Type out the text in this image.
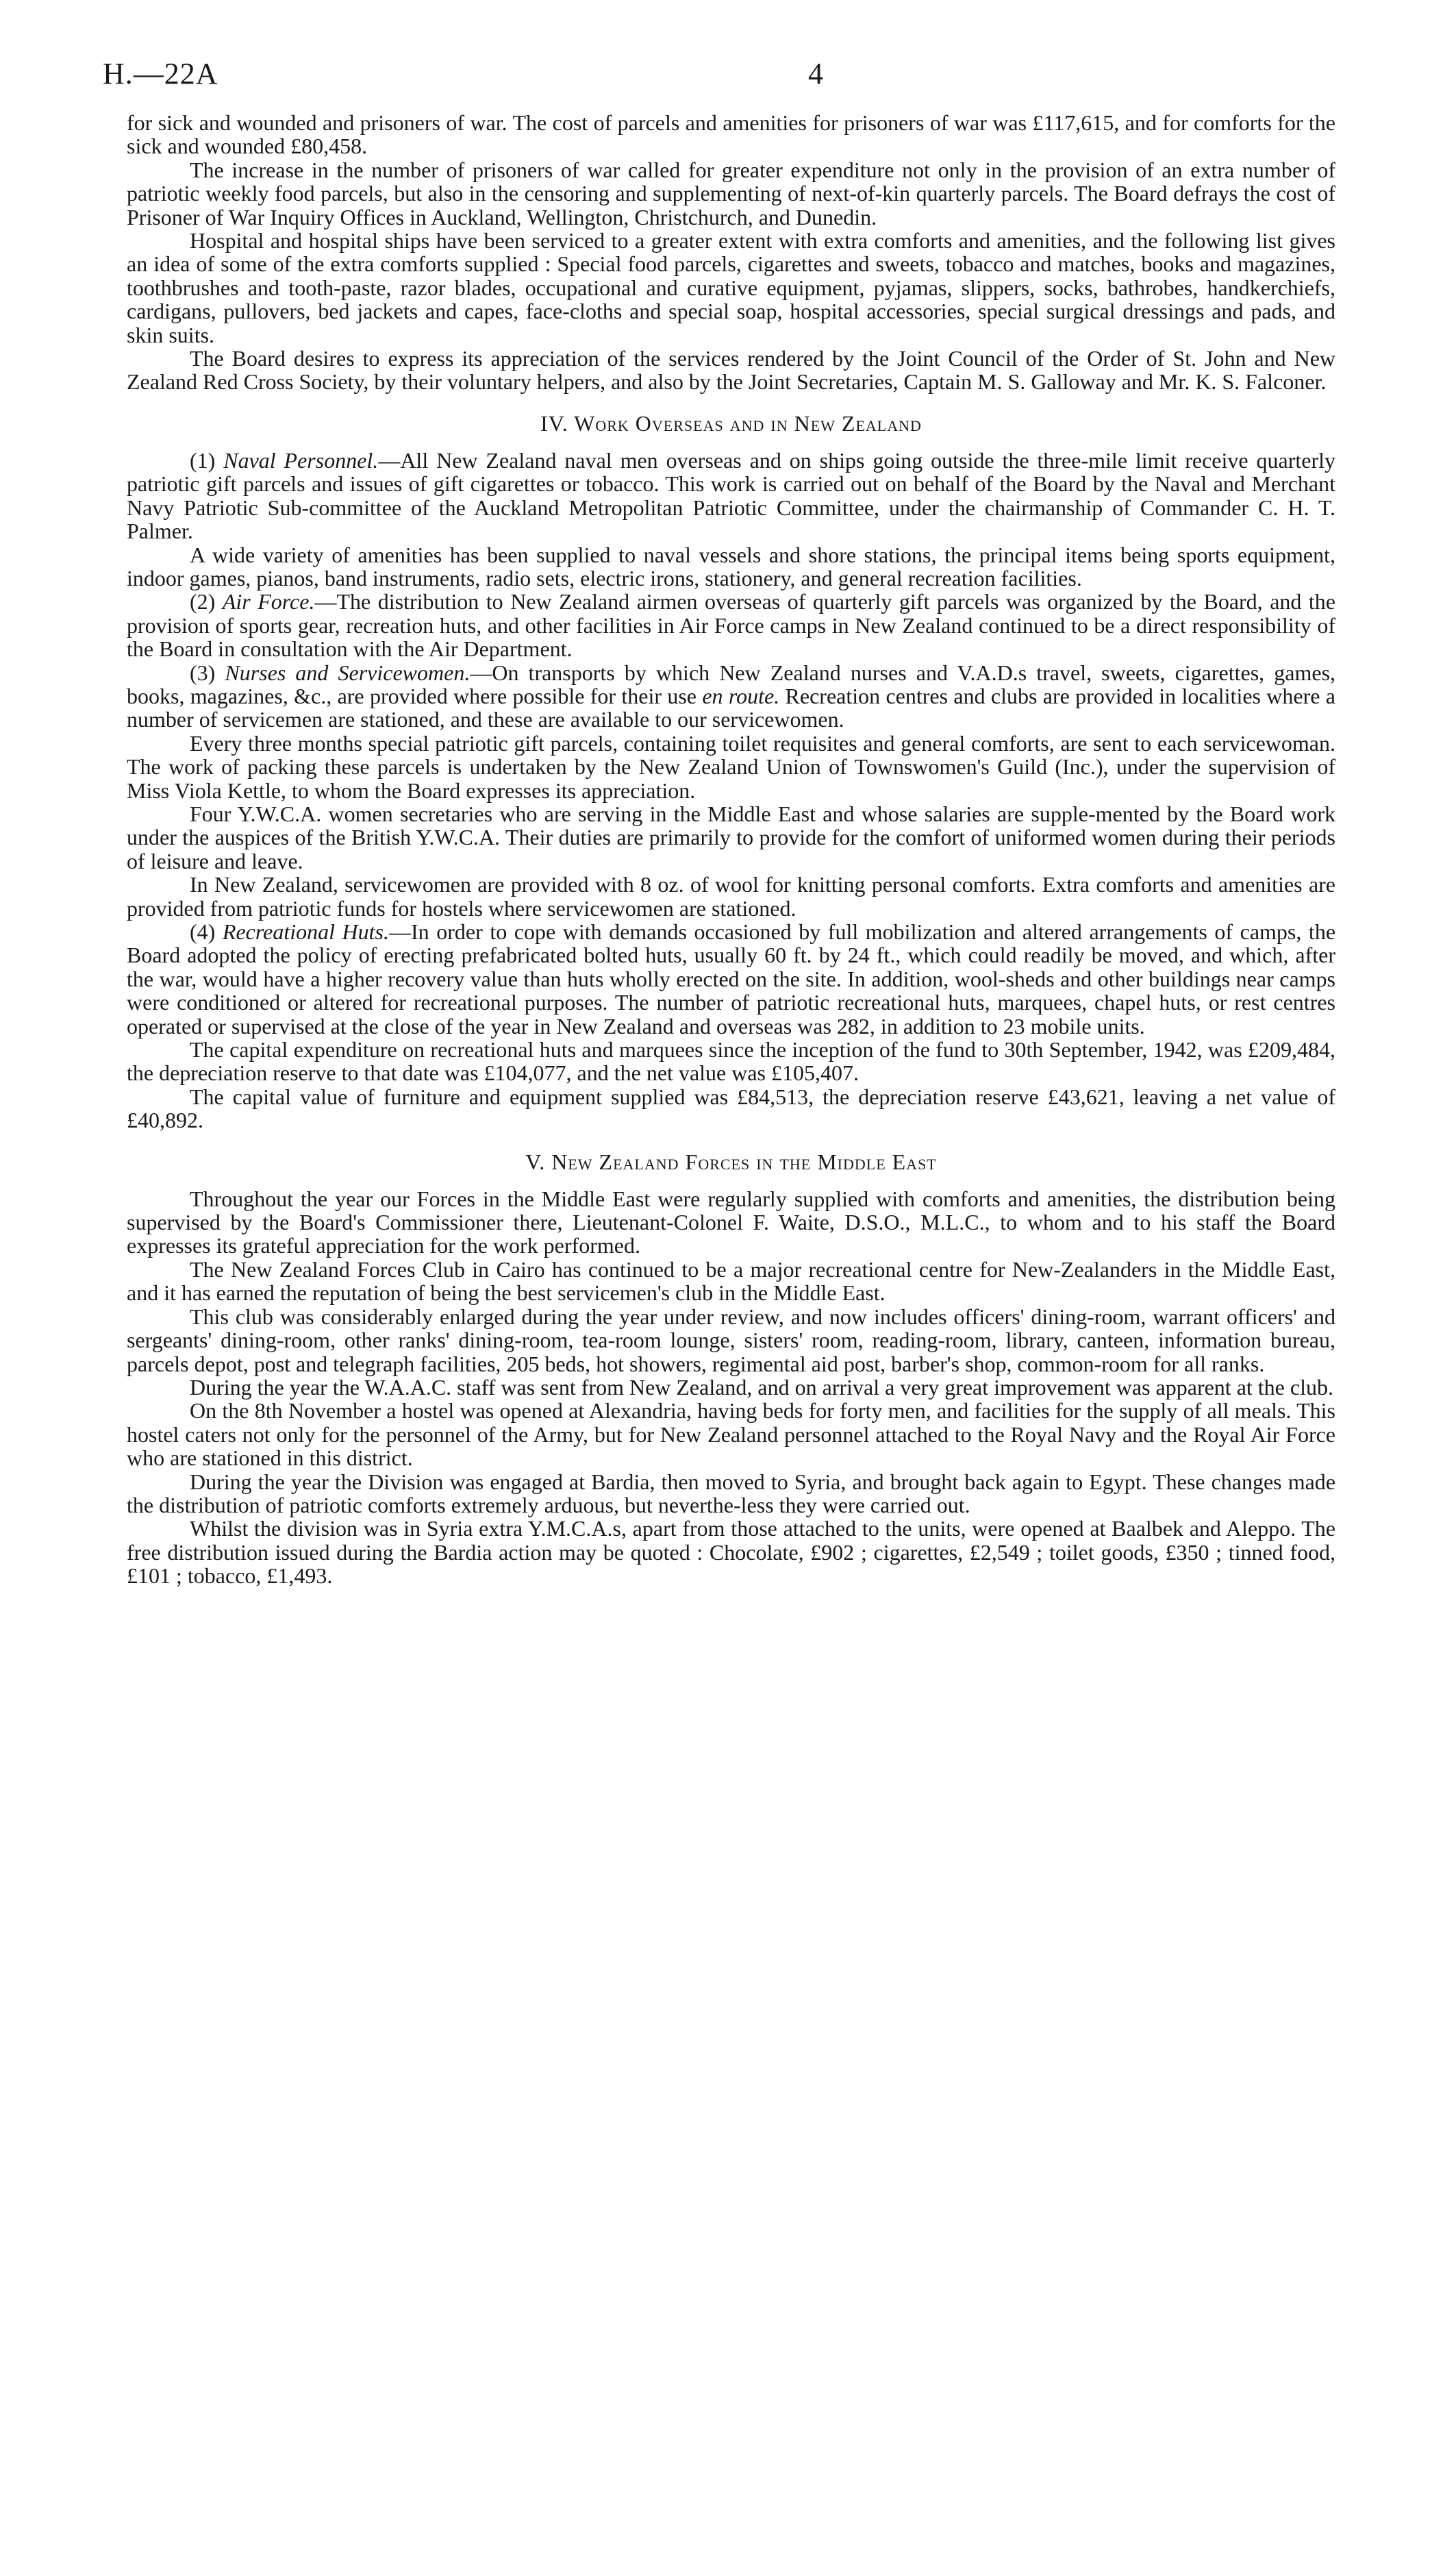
H.—22A	4

for sick and wounded and prisoners of war. The cost of parcels and amenities for prisoners of war was £117,615, and for comforts for the sick and wounded £80,458.

The increase in the number of prisoners of war called for greater expenditure not only in the provision of an extra number of patriotic weekly food parcels, but also in the censoring and supplementing of next-of-kin quarterly parcels. The Board defrays the cost of Prisoner of War Inquiry Offices in Auckland, Wellington, Christchurch, and Dunedin.

Hospital and hospital ships have been serviced to a greater extent with extra comforts and amenities, and the following list gives an idea of some of the extra comforts supplied : Special food parcels, cigarettes and sweets, tobacco and matches, books and magazines, toothbrushes and tooth-paste, razor blades, occupational and curative equipment, pyjamas, slippers, socks, bathrobes, handkerchiefs, cardigans, pullovers, bed jackets and capes, face-cloths and special soap, hospital accessories, special surgical dressings and pads, and skin suits.

The Board desires to express its appreciation of the services rendered by the Joint Council of the Order of St. John and New Zealand Red Cross Society, by their voluntary helpers, and also by the Joint Secretaries, Captain M. S. Galloway and Mr. K. S. Falconer.

IV. Work Overseas and in New Zealand

(1) Naval Personnel.—All New Zealand naval men overseas and on ships going outside the three-mile limit receive quarterly patriotic gift parcels and issues of gift cigarettes or tobacco. This work is carried out on behalf of the Board by the Naval and Merchant Navy Patriotic Sub-committee of the Auckland Metropolitan Patriotic Committee, under the chairmanship of Commander C. H. T. Palmer.

A wide variety of amenities has been supplied to naval vessels and shore stations, the principal items being sports equipment, indoor games, pianos, band instruments, radio sets, electric irons, stationery, and general recreation facilities.

(2) Air Force.—The distribution to New Zealand airmen overseas of quarterly gift parcels was organized by the Board, and the provision of sports gear, recreation huts, and other facilities in Air Force camps in New Zealand continued to be a direct responsibility of the Board in consultation with the Air Department.

(3) Nurses and Servicewomen.—On transports by which New Zealand nurses and V.A.D.s travel, sweets, cigarettes, games, books, magazines, &c., are provided where possible for their use en route. Recreation centres and clubs are provided in localities where a number of servicemen are stationed, and these are available to our servicewomen.

Every three months special patriotic gift parcels, containing toilet requisites and general comforts, are sent to each servicewoman. The work of packing these parcels is undertaken by the New Zealand Union of Townswomen's Guild (Inc.), under the supervision of Miss Viola Kettle, to whom the Board expresses its appreciation.

Four Y.W.C.A. women secretaries who are serving in the Middle East and whose salaries are supple-mented by the Board work under the auspices of the British Y.W.C.A. Their duties are primarily to provide for the comfort of uniformed women during their periods of leisure and leave.

In New Zealand, servicewomen are provided with 8 oz. of wool for knitting personal comforts. Extra comforts and amenities are provided from patriotic funds for hostels where servicewomen are stationed.

(4) Recreational Huts.—In order to cope with demands occasioned by full mobilization and altered arrangements of camps, the Board adopted the policy of erecting prefabricated bolted huts, usually 60 ft. by 24 ft., which could readily be moved, and which, after the war, would have a higher recovery value than huts wholly erected on the site. In addition, wool-sheds and other buildings near camps were conditioned or altered for recreational purposes. The number of patriotic recreational huts, marquees, chapel huts, or rest centres operated or supervised at the close of the year in New Zealand and overseas was 282, in addition to 23 mobile units.

The capital expenditure on recreational huts and marquees since the inception of the fund to 30th September, 1942, was £209,484, the depreciation reserve to that date was £104,077, and the net value was £105,407.

The capital value of furniture and equipment supplied was £84,513, the depreciation reserve £43,621, leaving a net value of £40,892.

V. New Zealand Forces in the Middle East

Throughout the year our Forces in the Middle East were regularly supplied with comforts and amenities, the distribution being supervised by the Board's Commissioner there, Lieutenant-Colonel F. Waite, D.S.O., M.L.C., to whom and to his staff the Board expresses its grateful appreciation for the work performed.

The New Zealand Forces Club in Cairo has continued to be a major recreational centre for New-Zealanders in the Middle East, and it has earned the reputation of being the best servicemen's club in the Middle East.

This club was considerably enlarged during the year under review, and now includes officers' dining-room, warrant officers' and sergeants' dining-room, other ranks' dining-room, tea-room lounge, sisters' room, reading-room, library, canteen, information bureau, parcels depot, post and telegraph facilities, 205 beds, hot showers, regimental aid post, barber's shop, common-room for all ranks.

During the year the W.A.A.C. staff was sent from New Zealand, and on arrival a very great improvement was apparent at the club.

On the 8th November a hostel was opened at Alexandria, having beds for forty men, and facilities for the supply of all meals. This hostel caters not only for the personnel of the Army, but for New Zealand personnel attached to the Royal Navy and the Royal Air Force who are stationed in this district.

During the year the Division was engaged at Bardia, then moved to Syria, and brought back again to Egypt. These changes made the distribution of patriotic comforts extremely arduous, but neverthe-less they were carried out.

Whilst the division was in Syria extra Y.M.C.A.s, apart from those attached to the units, were opened at Baalbek and Aleppo. The free distribution issued during the Bardia action may be quoted : Chocolate, £902 ; cigarettes, £2,549 ; toilet goods, £350 ; tinned food, £101 ; tobacco, £1,493.
